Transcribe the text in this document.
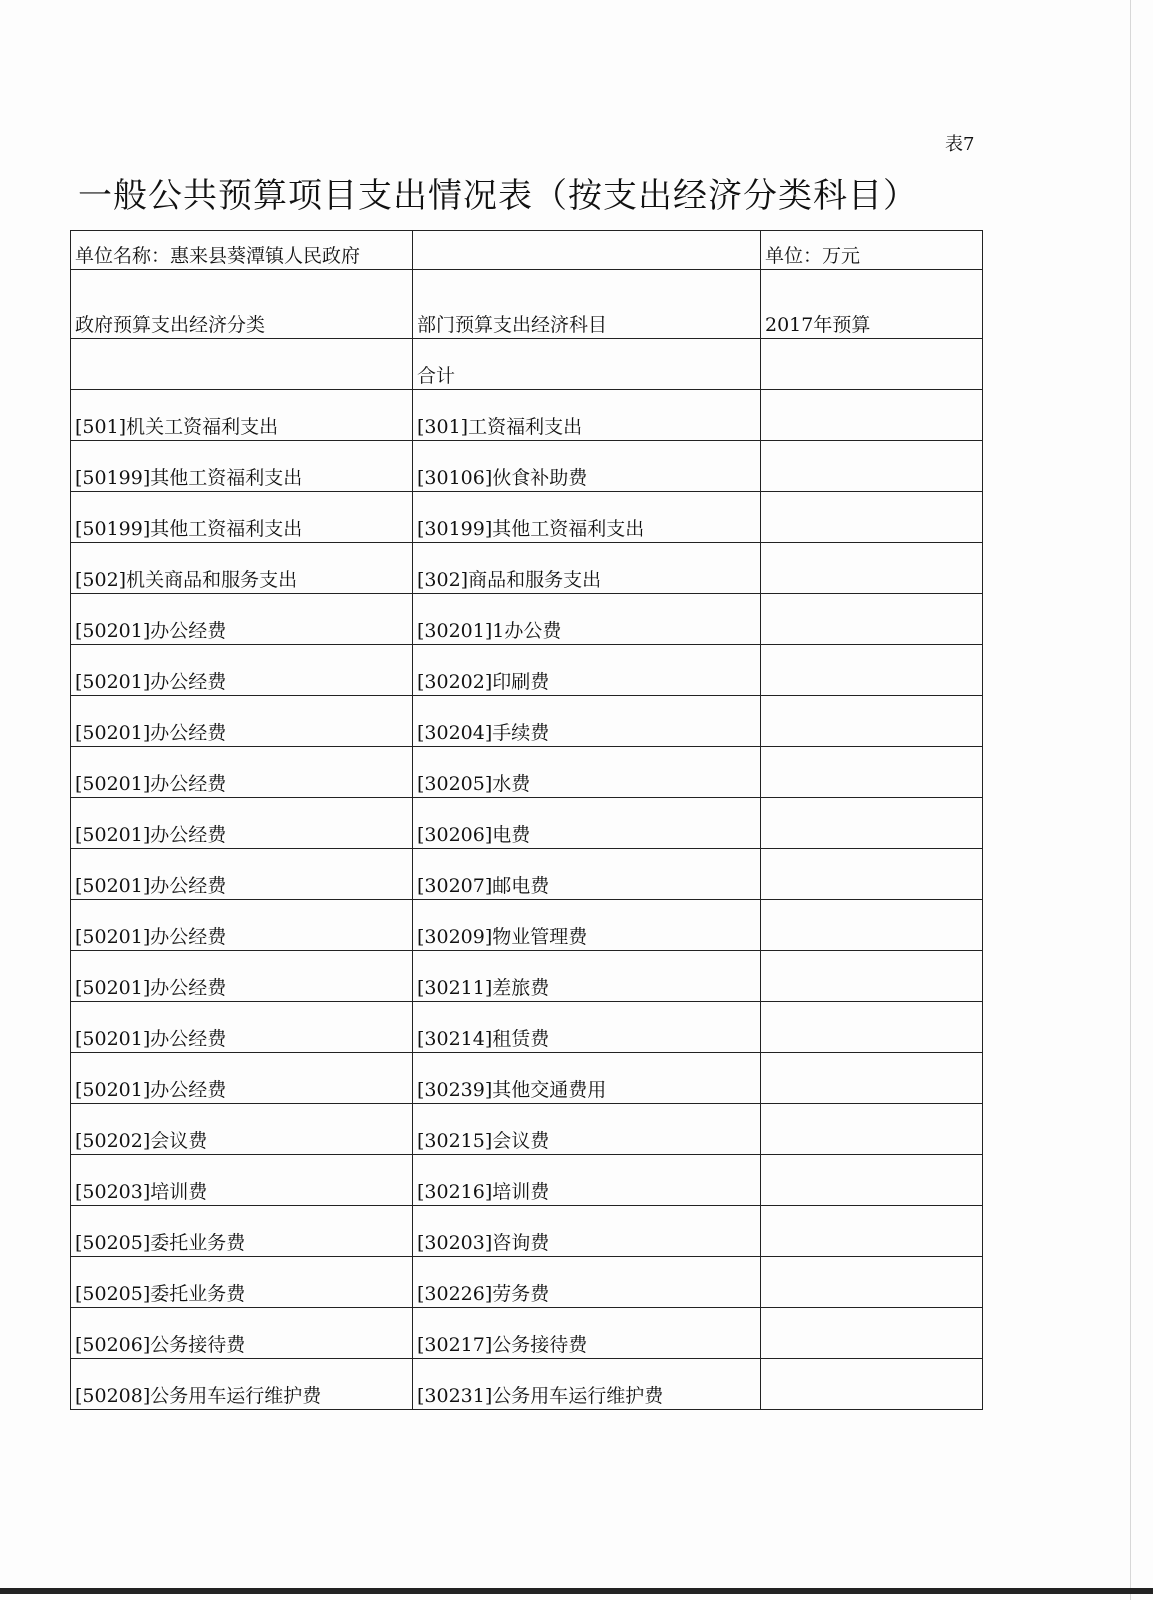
表7
一般公共预算项目支出情况表（按支出经济分类科目）
单位名称：惠来县葵潭镇人民政府		单位：万元
政府预算支出经济分类	部门预算支出经济科目	2017年预算
	合计	
[501]机关工资福利支出	[301]工资福利支出	
[50199]其他工资福利支出	[30106]伙食补助费	
[50199]其他工资福利支出	[30199]其他工资福利支出	
[502]机关商品和服务支出	[302]商品和服务支出	
[50201]办公经费	[30201]1办公费	
[50201]办公经费	[30202]印刷费	
[50201]办公经费	[30204]手续费	
[50201]办公经费	[30205]水费	
[50201]办公经费	[30206]电费	
[50201]办公经费	[30207]邮电费	
[50201]办公经费	[30209]物业管理费	
[50201]办公经费	[30211]差旅费	
[50201]办公经费	[30214]租赁费	
[50201]办公经费	[30239]其他交通费用	
[50202]会议费	[30215]会议费	
[50203]培训费	[30216]培训费	
[50205]委托业务费	[30203]咨询费	
[50205]委托业务费	[30226]劳务费	
[50206]公务接待费	[30217]公务接待费	
[50208]公务用车运行维护费	[30231]公务用车运行维护费	
